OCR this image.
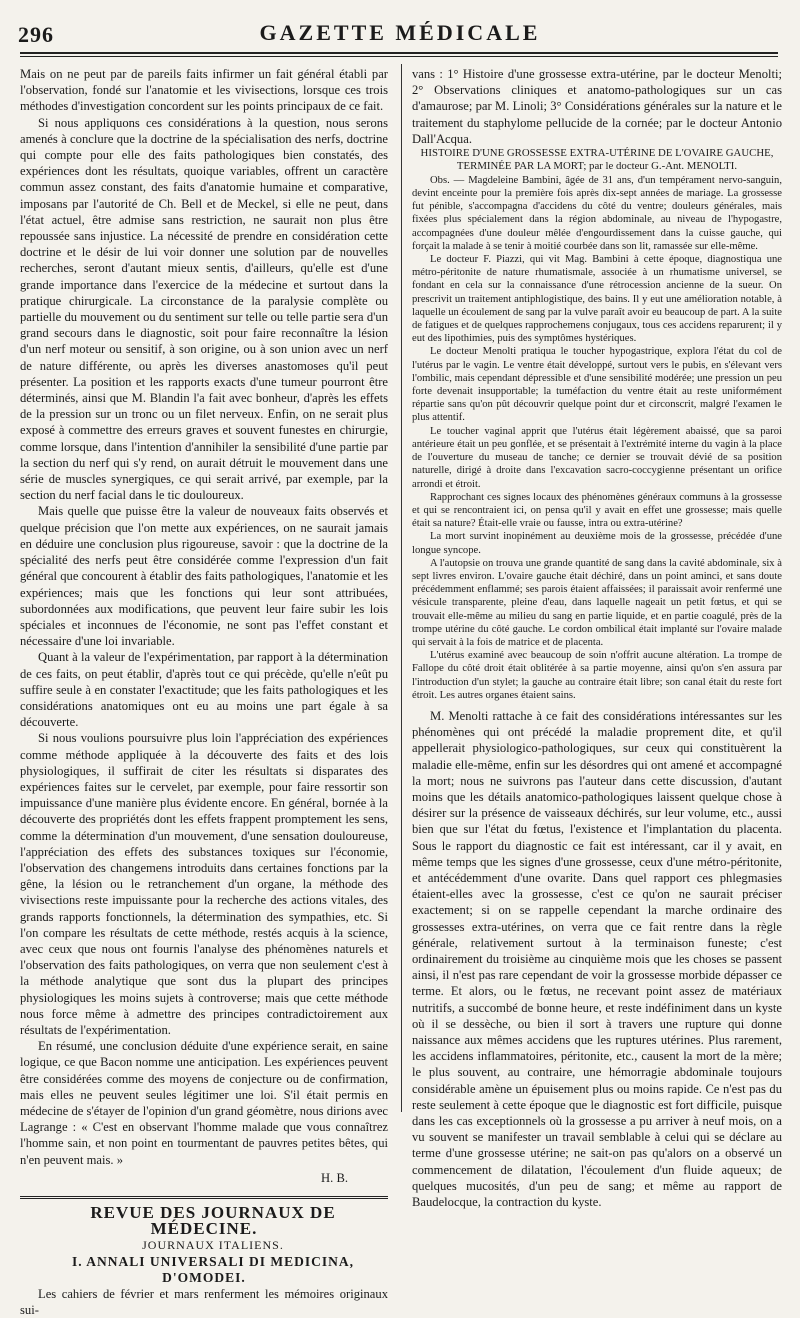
296	GAZETTE MÉDICALE

Mais on ne peut par de pareils faits infirmer un fait général établi par l'observation, fondé sur l'anatomie et les vivisections, lorsque ces trois méthodes d'investigation concordent sur les points principaux de ce fait.

Si nous appliquons ces considérations à la question, nous serons amenés à conclure que la doctrine de la spécialisation des nerfs, doctrine qui compte pour elle des faits pathologiques bien constatés, des expériences dont les résultats, quoique variables, offrent un caractère commun assez constant, des faits d'anatomie humaine et comparative, imposans par l'autorité de Ch. Bell et de Meckel, si elle ne peut, dans l'état actuel, être admise sans restriction, ne saurait non plus être repoussée sans injustice. La nécessité de prendre en considération cette doctrine et le désir de lui voir donner une solution par de nouvelles recherches, seront d'autant mieux sentis, d'ailleurs, qu'elle est d'une grande importance dans l'exercice de la médecine et surtout dans la pratique chirurgicale. La circonstance de la paralysie complète ou partielle du mouvement ou du sentiment sur telle ou telle partie sera d'un grand secours dans le diagnostic, soit pour faire reconnaître la lésion d'un nerf moteur ou sensitif, à son origine, ou à son union avec un nerf de nature différente, ou après les diverses anastomoses qu'il peut présenter. La position et les rapports exacts d'une tumeur pourront être déterminés, ainsi que M. Blandin l'a fait avec bonheur, d'après les effets de la pression sur un tronc ou un filet nerveux. Enfin, on ne serait plus exposé à commettre des erreurs graves et souvent funestes en chirurgie, comme lorsque, dans l'intention d'annihiler la sensibilité d'une partie par la section du nerf qui s'y rend, on aurait détruit le mouvement dans une série de muscles synergiques, ce qui serait arrivé, par exemple, par la section du nerf facial dans le tic douloureux.

Mais quelle que puisse être la valeur de nouveaux faits observés et quelque précision que l'on mette aux expériences, on ne saurait jamais en déduire une conclusion plus rigoureuse, savoir : que la doctrine de la spécialité des nerfs peut être considérée comme l'expression d'un fait général que concourent à établir des faits pathologiques, l'anatomie et les expériences; mais que les fonctions qui leur sont attribuées, subordonnées aux modifications, que peuvent leur faire subir les lois spéciales et inconnues de l'économie, ne sont pas l'effet constant et nécessaire d'une loi invariable.

Quant à la valeur de l'expérimentation, par rapport à la détermination de ces faits, on peut établir, d'après tout ce qui précède, qu'elle n'eût pu suffire seule à en constater l'exactitude; que les faits pathologiques et les considérations anatomiques ont eu au moins une part égale à sa découverte.

Si nous voulions poursuivre plus loin l'appréciation des expériences comme méthode appliquée à la découverte des faits et des lois physiologiques, il suffirait de citer les résultats si disparates des expériences faites sur le cervelet, par exemple, pour faire ressortir son impuissance d'une manière plus évidente encore. En général, bornée à la découverte des propriétés dont les effets frappent promptement les sens, comme la détermination d'un mouvement, d'une sensation douloureuse, l'appréciation des effets des substances toxiques sur l'économie, l'observation des changemens introduits dans certaines fonctions par la gêne, la lésion ou le retranchement d'un organe, la méthode des vivisections reste impuissante pour la recherche des actions vitales, des grands rapports fonctionnels, la détermination des sympathies, etc. Si l'on compare les résultats de cette méthode, restés acquis à la science, avec ceux que nous ont fournis l'analyse des phénomènes naturels et l'observation des faits pathologiques, on verra que non seulement c'est à la méthode analytique que sont dus la plupart des principes physiologiques les moins sujets à controverse; mais que cette méthode nous force même à admettre des principes contradictoirement aux résultats de l'expérimentation.

En résumé, une conclusion déduite d'une expérience serait, en saine logique, ce que Bacon nomme une anticipation. Les expériences peuvent être considérées comme des moyens de conjecture ou de confirmation, mais elles ne peuvent seules légitimer une loi. S'il était permis en médecine de s'étayer de l'opinion d'un grand géomètre, nous dirions avec Lagrange : « C'est en observant l'homme malade que vous connaîtrez l'homme sain, et non point en tourmentant de pauvres petites bêtes, qui n'en peuvent mais. »

H. B.

REVUE DES JOURNAUX DE MÉDECINE.

JOURNAUX ITALIENS.

I. ANNALI UNIVERSALI DI MEDICINA, D'OMODEI.

Les cahiers de février et mars renferment les mémoires originaux sui-

vans : 1° Histoire d'une grossesse extra-utérine, par le docteur Menolti; 2° Observations cliniques et anatomo-pathologiques sur un cas d'amaurose; par M. Linoli; 3° Considérations générales sur la nature et le traitement du staphylome pellucide de la cornée; par le docteur Antonio Dall'Acqua.

HISTOIRE D'UNE GROSSESSE EXTRA-UTÉRINE DE L'OVAIRE GAUCHE, TERMINÉE PAR LA MORT; par le docteur G.-Ant. MENOLTI.

Obs. — Magdeleine Bambini, âgée de 31 ans, d'un tempérament nervo-sanguin, devint enceinte pour la première fois après dix-sept années de mariage. La grossesse fut pénible, s'accompagna d'accidens du côté du ventre; douleurs générales, mais fixées plus spécialement dans la région abdominale, au niveau de l'hypogastre, accompagnées d'une douleur mêlée d'engourdissement dans la cuisse gauche, qui forçait la malade à se tenir à moitié courbée dans son lit, ramassée sur elle-même.

Le docteur F. Piazzi, qui vit Mag. Bambini à cette époque, diagnostiqua une métro-péritonite de nature rhumatismale, associée à un rhumatisme universel, se fondant en cela sur la connaissance d'une rétrocession ancienne de la sueur. On prescrivit un traitement antiphlogistique, des bains. Il y eut une amélioration notable, à laquelle un écoulement de sang par la vulve paraît avoir eu beaucoup de part. A la suite de fatigues et de quelques rapprochemens conjugaux, tous ces accidens reparurent; il y eut des lipothimies, puis des symptômes hystériques.

Le docteur Menolti pratiqua le toucher hypogastrique, explora l'état du col de l'utérus par le vagin. Le ventre était développé, surtout vers le pubis, en s'élevant vers l'ombilic, mais cependant dépressible et d'une sensibilité modérée; une pression un peu forte devenait insupportable; la tuméfaction du ventre était au reste uniformément répartie sans qu'on pût découvrir quelque point dur et circonscrit, malgré l'examen le plus attentif.

Le toucher vaginal apprit que l'utérus était légèrement abaissé, que sa paroi antérieure était un peu gonflée, et se présentait à l'extrémité interne du vagin à la place de l'ouverture du museau de tanche; ce dernier se trouvait dévié de sa position naturelle, dirigé à droite dans l'excavation sacro-coccygienne présentant un orifice arrondi et étroit.

Rapprochant ces signes locaux des phénomènes généraux communs à la grossesse et qui se rencontraient ici, on pensa qu'il y avait en effet une grossesse; mais quelle était sa nature? Était-elle vraie ou fausse, intra ou extra-utérine?

La mort survint inopinément au deuxième mois de la grossesse, précédée d'une longue syncope.

A l'autopsie on trouva une grande quantité de sang dans la cavité abdominale, six à sept livres environ. L'ovaire gauche était déchiré, dans un point aminci, et sans doute précédemment enflammé; ses parois étaient affaissées; il paraissait avoir renfermé une vésicule transparente, pleine d'eau, dans laquelle nageait un petit fœtus, et qui se trouvait elle-même au milieu du sang en partie liquide, et en partie coagulé, près de la trompe utérine du côté gauche. Le cordon ombilical était implanté sur l'ovaire malade qui servait à la fois de matrice et de placenta.

L'utérus examiné avec beaucoup de soin n'offrit aucune altération. La trompe de Fallope du côté droit était oblitérée à sa partie moyenne, ainsi qu'on s'en assura par l'introduction d'un stylet; la gauche au contraire était libre; son canal était du reste fort étroit. Les autres organes étaient sains.

M. Menolti rattache à ce fait des considérations intéressantes sur les phénomènes qui ont précédé la maladie proprement dite, et qu'il appellerait physiologico-pathologiques, sur ceux qui constituèrent la maladie elle-même, enfin sur les désordres qui ont amené et accompagné la mort; nous ne suivrons pas l'auteur dans cette discussion, d'autant moins que les détails anatomico-pathologiques laissent quelque chose à désirer sur la présence de vaisseaux déchirés, sur leur volume, etc., aussi bien que sur l'état du fœtus, l'existence et l'implantation du placenta. Sous le rapport du diagnostic ce fait est intéressant, car il y avait, en même temps que les signes d'une grossesse, ceux d'une métro-péritonite, et antécédemment d'une ovarite. Dans quel rapport ces phlegmasies étaient-elles avec la grossesse, c'est ce qu'on ne saurait préciser exactement; si on se rappelle cependant la marche ordinaire des grossesses extra-utérines, on verra que ce fait rentre dans la règle générale, relativement surtout à la terminaison funeste; c'est ordinairement du troisième au cinquième mois que les choses se passent ainsi, il n'est pas rare cependant de voir la grossesse morbide dépasser ce terme. Et alors, ou le fœtus, ne recevant point assez de matériaux nutritifs, a succombé de bonne heure, et reste indéfiniment dans un kyste où il se dessèche, ou bien il sort à travers une rupture qui donne naissance aux mêmes accidens que les ruptures utérines. Plus rarement, les accidens inflammatoires, péritonite, etc., causent la mort de la mère; le plus souvent, au contraire, une hémorragie abdominale toujours considérable amène un épuisement plus ou moins rapide. Ce n'est pas du reste seulement à cette époque que le diagnostic est fort difficile, puisque dans les cas exceptionnels où la grossesse a pu arriver à neuf mois, on a vu souvent se manifester un travail semblable à celui qui se déclare au terme d'une grossesse utérine; ne sait-on pas qu'alors on a observé un commencement de dilatation, l'écoulement d'un fluide aqueux; de quelques mucosités, d'un peu de sang; et même au rapport de Baudelocque, la contraction du kyste.
